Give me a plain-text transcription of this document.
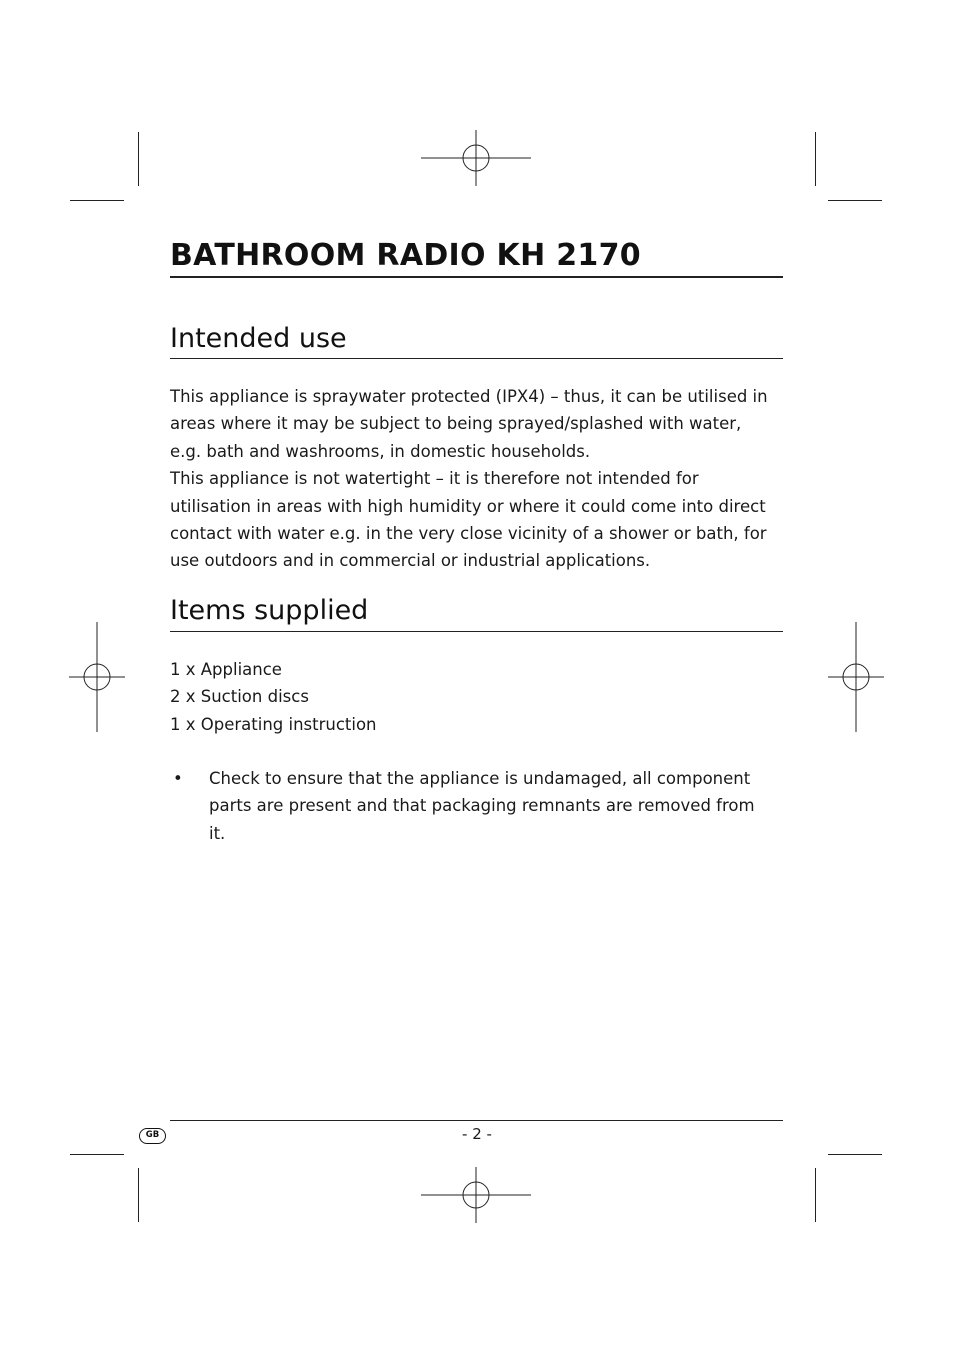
BATHROOM RADIO KH 2170
Intended use

This appliance is spraywater protected (IPX4) – thus, it can be utilised in areas where it may be subject to being sprayed/splashed with water, e.g. bath and washrooms, in domestic households.
This appliance is not watertight – it is therefore not intended for utilisation in areas with high humidity or where it could come into direct contact with water e.g. in the very close vicinity of a shower or bath, for use outdoors and in commercial or industrial applications.

Items supplied
1 x Appliance
2 x Suction discs
1 x Operating instruction
• Check to ensure that the appliance is undamaged, all component parts are present and that packaging remnants are removed from it.
GB	- 2 -
